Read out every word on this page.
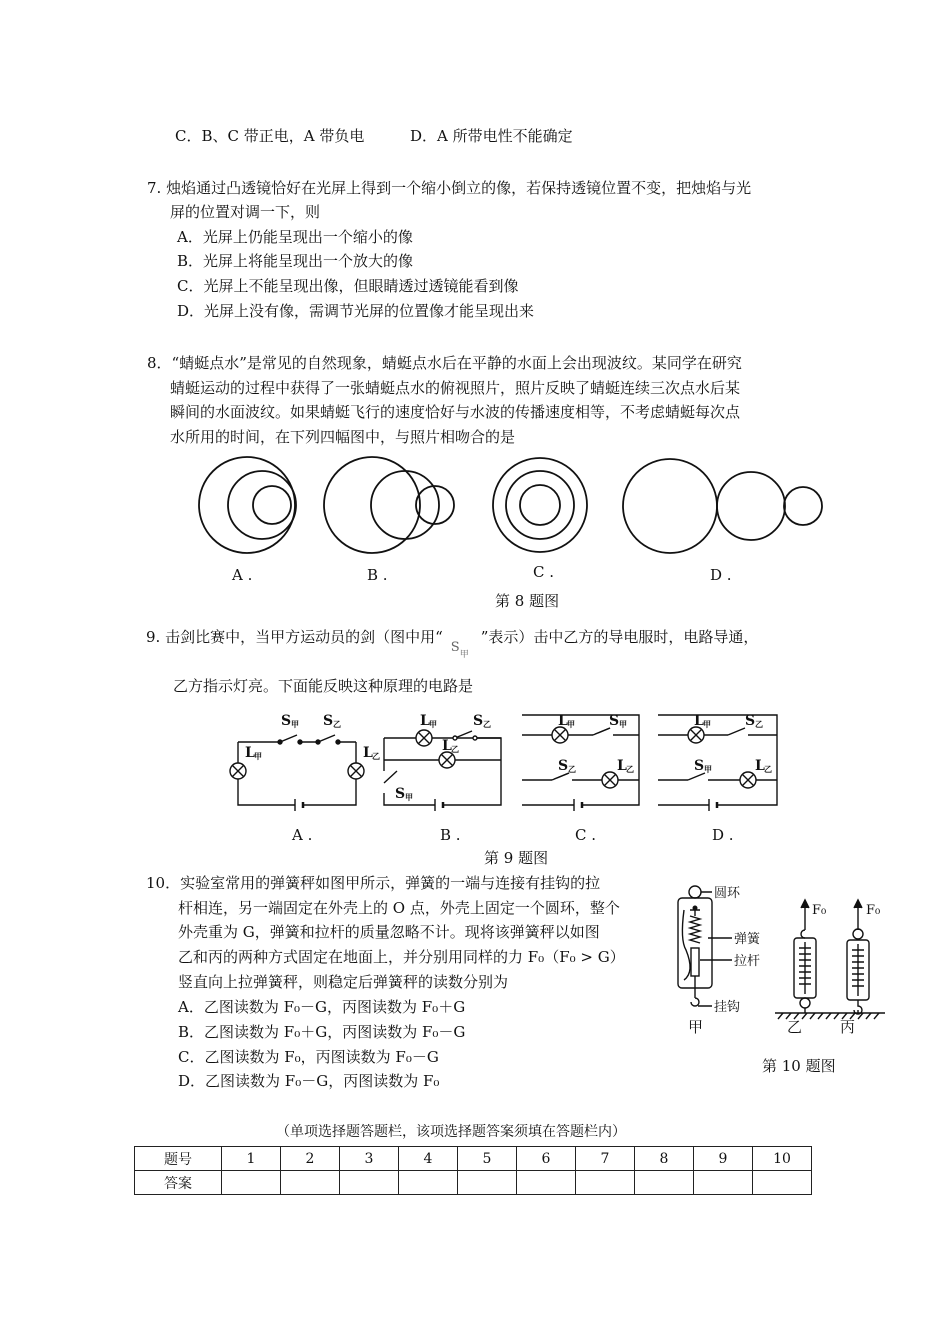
C．B、C 带正电，A 带负电	D．A 所带电性不能确定
7. 烛焰通过凸透镜恰好在光屏上得到一个缩小倒立的像，若保持透镜位置不变，把烛焰与光
屏的位置对调一下，则
A．光屏上仍能呈现出一个缩小的像
B．光屏上将能呈现出一个放大的像
C．光屏上不能呈现出像，但眼睛透过透镜能看到像
D．光屏上没有像，需调节光屏的位置像才能呈现出来
8．“蜻蜓点水”是常见的自然现象，蜻蜓点水后在平静的水面上会出现波纹。某同学在研究
蜻蜓运动的过程中获得了一张蜻蜓点水的俯视照片，照片反映了蜻蜓连续三次点水后某
瞬间的水面波纹。如果蜻蜓飞行的速度恰好与水波的传播速度相等，不考虑蜻蜓每次点
水所用的时间，在下列四幅图中，与照片相吻合的是
A .	B .	C .	D .
第 8 题图
9. 击剑比赛中，当甲方运动员的剑（图中用“
S 甲
”表示）击中乙方的导电服时，电路导通，
乙方指示灯亮。下面能反映这种原理的电路是
S 甲 S 乙
L 甲	L 乙
L 甲	S 乙
L 乙
S 甲
L 甲 S 甲
S 乙	L 乙
L 甲 S 乙
S 甲	L 乙
A .	B .	C .	D .
第 9 题图
10．实验室常用的弹簧秤如图甲所示，弹簧的一端与连接有挂钩的拉
杆相连，另一端固定在外壳上的 O 点，外壳上固定一个圆环，整个
外壳重为 G，弹簧和拉杆的质量忽略不计。现将该弹簧秤以如图
乙和丙的两种方式固定在地面上，并分别用同样的力 F₀（F₀ > G）
竖直向上拉弹簧秤，则稳定后弹簧秤的读数分别为
A．乙图读数为 F₀－G，丙图读数为 F₀＋G
B．乙图读数为 F₀＋G，丙图读数为 F₀－G
C．乙图读数为 F₀，丙图读数为 F₀－G
D．乙图读数为 F₀－G，丙图读数为 F₀
圆环
弹簧
拉杆
挂钩
甲	乙	丙
F₀	F₀
第 10 题图
（单项选择题答题栏，该项选择题答案须填在答题栏内）
题号	1	2	3	4	5	6	7	8	9	10
答案										
